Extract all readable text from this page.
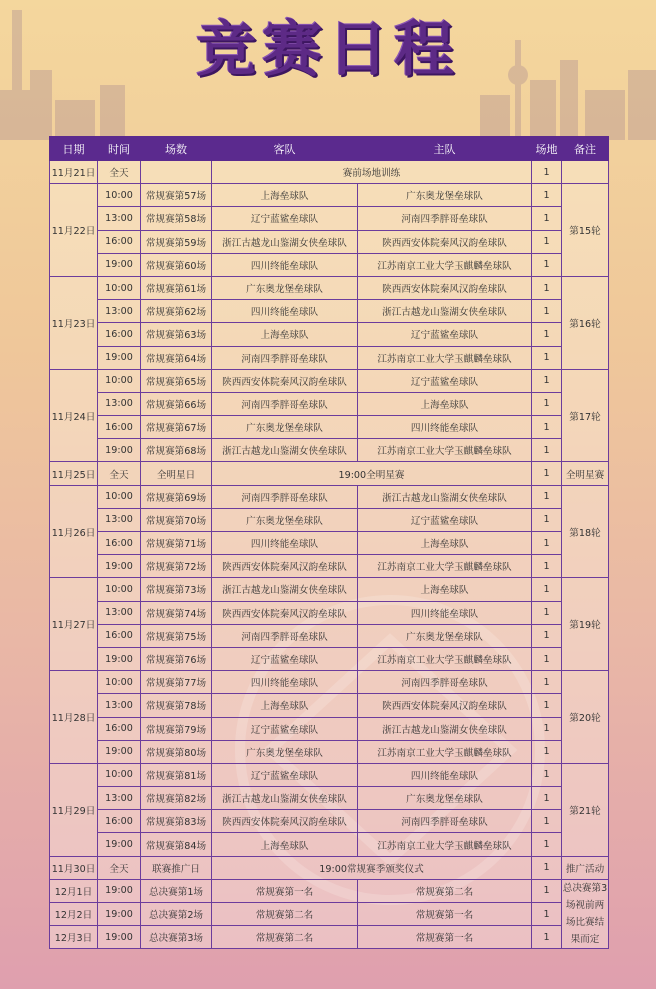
竞赛日程
日期	时间	场数	客队	主队	场地	备注
11月21日	全天		赛前场地训练		1	
11月22日	10:00	常规赛第57场	上海垒球队	广东奥龙堡垒球队	1	第15轮
	13:00	常规赛第58场	辽宁蓝鲨垒球队	河南四季胖哥垒球队	1	
	16:00	常规赛第59场	浙江古越龙山鉴湖女侠垒球队	陕西西安体院秦风汉韵垒球队	1	
	19:00	常规赛第60场	四川终能垒球队	江苏南京工业大学玉麒麟垒球队	1	
11月23日	10:00	常规赛第61场	广东奥龙堡垒球队	陕西西安体院秦风汉韵垒球队	1	第16轮
	13:00	常规赛第62场	四川终能垒球队	浙江古越龙山鉴湖女侠垒球队	1	
	16:00	常规赛第63场	上海垒球队	辽宁蓝鲨垒球队	1	
	19:00	常规赛第64场	河南四季胖哥垒球队	江苏南京工业大学玉麒麟垒球队	1	
11月24日	10:00	常规赛第65场	陕西西安体院秦风汉韵垒球队	辽宁蓝鲨垒球队	1	第17轮
	13:00	常规赛第66场	河南四季胖哥垒球队	上海垒球队	1	
	16:00	常规赛第67场	广东奥龙堡垒球队	四川终能垒球队	1	
	19:00	常规赛第68场	浙江古越龙山鉴湖女侠垒球队	江苏南京工业大学玉麒麟垒球队	1	
11月25日	全天	全明星日	19:00全明星赛		1	全明星赛
11月26日	10:00	常规赛第69场	河南四季胖哥垒球队	浙江古越龙山鉴湖女侠垒球队	1	第18轮
	13:00	常规赛第70场	广东奥龙堡垒球队	辽宁蓝鲨垒球队	1	
	16:00	常规赛第71场	四川终能垒球队	上海垒球队	1	
	19:00	常规赛第72场	陕西西安体院秦风汉韵垒球队	江苏南京工业大学玉麒麟垒球队	1	
11月27日	10:00	常规赛第73场	浙江古越龙山鉴湖女侠垒球队	上海垒球队	1	第19轮
	13:00	常规赛第74场	陕西西安体院秦风汉韵垒球队	四川终能垒球队	1	
	16:00	常规赛第75场	河南四季胖哥垒球队	广东奥龙堡垒球队	1	
	19:00	常规赛第76场	辽宁蓝鲨垒球队	江苏南京工业大学玉麒麟垒球队	1	
11月28日	10:00	常规赛第77场	四川终能垒球队	河南四季胖哥垒球队	1	第20轮
	13:00	常规赛第78场	上海垒球队	陕西西安体院秦风汉韵垒球队	1	
	16:00	常规赛第79场	辽宁蓝鲨垒球队	浙江古越龙山鉴湖女侠垒球队	1	
	19:00	常规赛第80场	广东奥龙堡垒球队	江苏南京工业大学玉麒麟垒球队	1	
11月29日	10:00	常规赛第81场	辽宁蓝鲨垒球队	四川终能垒球队	1	第21轮
	13:00	常规赛第82场	浙江古越龙山鉴湖女侠垒球队	广东奥龙堡垒球队	1	
	16:00	常规赛第83场	陕西西安体院秦风汉韵垒球队	河南四季胖哥垒球队	1	
	19:00	常规赛第84场	上海垒球队	江苏南京工业大学玉麒麟垒球队	1	
11月30日	全天	联赛推广日	19:00常规赛季颁奖仪式		1	推广活动
12月1日	19:00	总决赛第1场	常规赛第一名	常规赛第二名	1	总决赛第3场视前两场比赛结果而定
12月2日	19:00	总决赛第2场	常规赛第二名	常规赛第一名	1	
12月3日	19:00	总决赛第3场	常规赛第二名	常规赛第一名	1	
